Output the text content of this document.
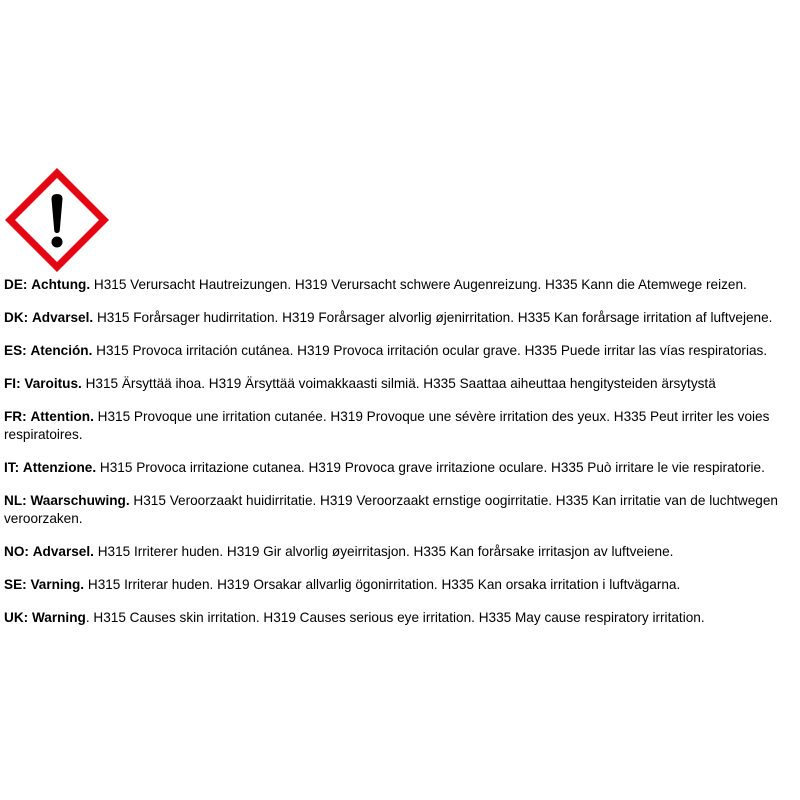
DE: Achtung. H315 Verursacht Hautreizungen. H319 Verursacht schwere Augenreizung. H335 Kann die Atemwege reizen.

DK: Advarsel. H315 Forårsager hudirritation. H319 Forårsager alvorlig øjenirritation. H335 Kan forårsage irritation af luftvejene.

ES: Atención. H315 Provoca irritación cutánea. H319 Provoca irritación ocular grave. H335 Puede irritar las vías respiratorias.

FI: Varoitus. H315 Ärsyttää ihoa. H319 Ärsyttää voimakkaasti silmiä. H335 Saattaa aiheuttaa hengitysteiden ärsytystä

FR: Attention. H315 Provoque une irritation cutanée. H319 Provoque une sévère irritation des yeux. H335 Peut irriter les voies respiratoires.

IT: Attenzione. H315 Provoca irritazione cutanea. H319 Provoca grave irritazione oculare. H335 Può irritare le vie respiratorie.

NL: Waarschuwing. H315 Veroorzaakt huidirritatie. H319 Veroorzaakt ernstige oogirritatie. H335 Kan irritatie van de luchtwegen veroorzaken.

NO: Advarsel. H315 Irriterer huden. H319 Gir alvorlig øyeirritasjon. H335 Kan forårsake irritasjon av luftveiene.

SE: Varning. H315 Irriterar huden. H319 Orsakar allvarlig ögonirritation. H335 Kan orsaka irritation i luftvägarna.

UK: Warning. H315 Causes skin irritation. H319 Causes serious eye irritation. H335 May cause respiratory irritation.
